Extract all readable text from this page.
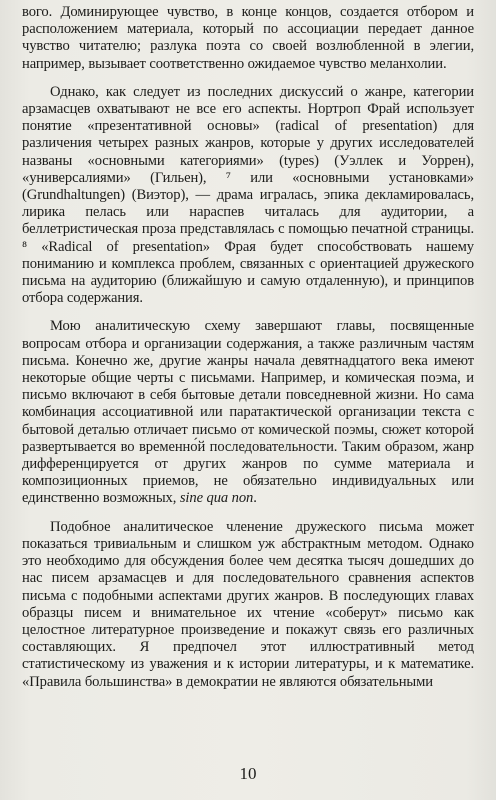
вого. Доминирующее чувство, в конце концов, создается отбором и расположением материала, который по ассоциации передает данное чувство читателю; разлука поэта со своей возлюбленной в элегии, например, вызывает соответственно ожидаемое чувство меланхолии.

Однако, как следует из последних дискуссий о жанре, категории арзамасцев охватывают не все его аспекты. Нортроп Фрай использует понятие «презентативной основы» (radical of presentation) для различения четырех разных жанров, которые у других исследователей названы «основными категориями» (types) (Уэллек и Уоррен), «универсалиями» (Гильен), ⁷ или «основными установками» (Grundhaltungen) (Виэтор), — драма игралась, эпика декламировалась, лирика пелась или нараспев читалась для аудитории, а беллетристическая проза представлялась с помощью печатной страницы. ⁸ «Radical of presentation» Фрая будет способствовать нашему пониманию и комплекса проблем, связанных с ориентацией дружеского письма на аудиторию (ближайшую и самую отдаленную), и принципов отбора содержания.

Мою аналитическую схему завершают главы, посвященные вопросам отбора и организации содержания, а также различным частям письма. Конечно же, другие жанры начала девятнадцатого века имеют некоторые общие черты с письмами. Например, и комическая поэма, и письмо включают в себя бытовые детали повседневной жизни. Но сама комбинация ассоциативной или паратактической организации текста с бытовой деталью отличает письмо от комической поэмы, сюжет которой развертывается во временно́й последовательности. Таким образом, жанр дифференцируется от других жанров по сумме материала и композиционных приемов, не обязательно индивидуальных или единственно возможных, sine qua non.

Подобное аналитическое членение дружеского письма может показаться тривиальным и слишком уж абстрактным методом. Однако это необходимо для обсуждения более чем десятка тысяч дошедших до нас писем арзамасцев и для последовательного сравнения аспектов письма с подобными аспектами других жанров. В последующих главах образцы писем и внимательное их чтение «соберут» письмо как целостное литературное произведение и покажут связь его различных составляющих. Я предпочел этот иллюстративный метод статистическому из уважения и к истории литературы, и к математике. «Правила большинства» в демократии не являются обязательными

10
